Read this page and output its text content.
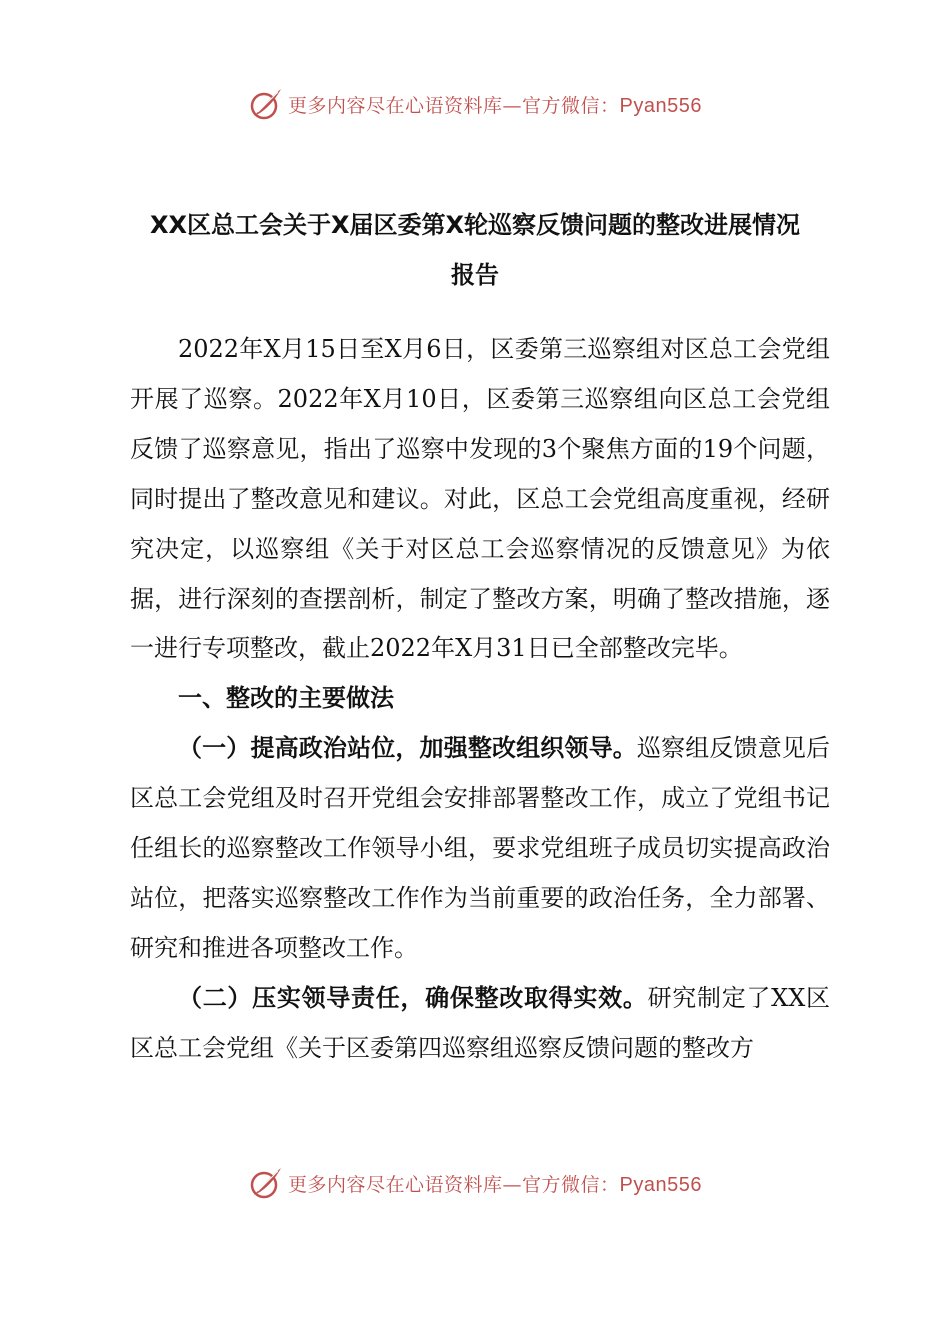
更多内容尽在心语资料库—官方微信：Pyan556
XX区总工会关于X届区委第X轮巡察反馈问题的整改进展情况
报告

2022年X月15日至X月6日，区委第三巡察组对区总工会党组开展了巡察。2022年X月10日，区委第三巡察组向区总工会党组反馈了巡察意见，指出了巡察中发现的3个聚焦方面的19个问题，同时提出了整改意见和建议。对此，区总工会党组高度重视，经研究决定，以巡察组《关于对区总工会巡察情况的反馈意见》为依据，进行深刻的查摆剖析，制定了整改方案，明确了整改措施，逐一进行专项整改，截止2022年X月31日已全部整改完毕。

一、整改的主要做法

（一）提高政治站位，加强整改组织领导。巡察组反馈意见后区总工会党组及时召开党组会安排部署整改工作，成立了党组书记任组长的巡察整改工作领导小组，要求党组班子成员切实提高政治站位，把落实巡察整改工作作为当前重要的政治任务，全力部署、研究和推进各项整改工作。

（二）压实领导责任，确保整改取得实效。研究制定了XX区区总工会党组《关于区委第四巡察组巡察反馈问题的整改方

更多内容尽在心语资料库—官方微信：Pyan556
